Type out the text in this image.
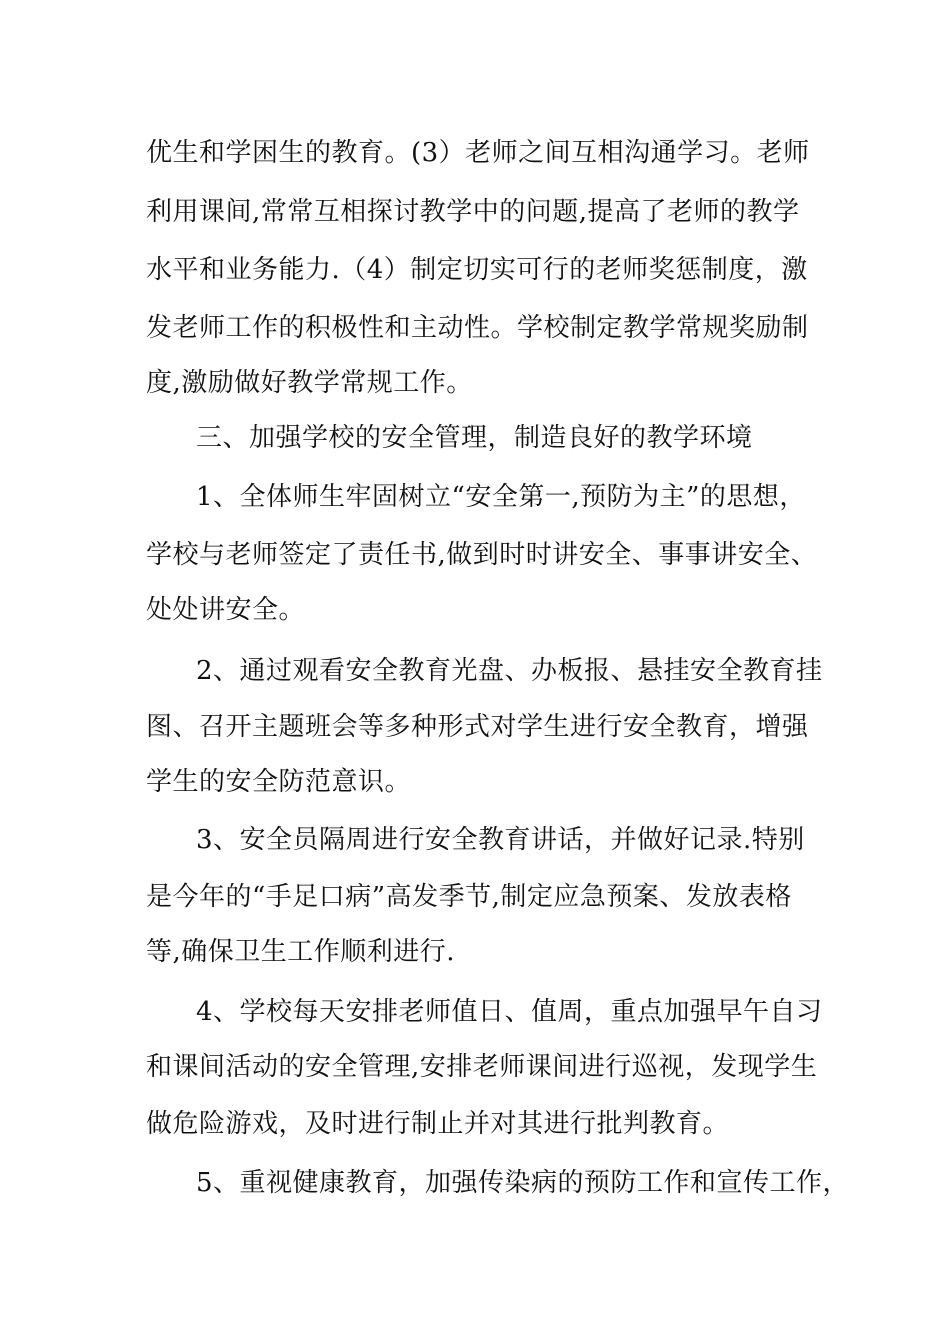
优生和学困生的教育。(3）老师之间互相沟通学习。老师
利用课间,常常互相探讨教学中的问题,提高了老师的教学
水平和业务能力.（4）制定切实可行的老师奖惩制度，激
发老师工作的积极性和主动性。学校制定教学常规奖励制
度,激励做好教学常规工作。
三、加强学校的安全管理，制造良好的教学环境
1、全体师生牢固树立“安全第一,预防为主”的思想，
学校与老师签定了责任书,做到时时讲安全、事事讲安全、
处处讲安全。
2、通过观看安全教育光盘、办板报、悬挂安全教育挂
图、召开主题班会等多种形式对学生进行安全教育，增强
学生的安全防范意识。
3、安全员隔周进行安全教育讲话，并做好记录.特别
是今年的“手足口病”高发季节,制定应急预案、发放表格
等,确保卫生工作顺利进行.
4、学校每天安排老师值日、值周，重点加强早午自习
和课间活动的安全管理,安排老师课间进行巡视，发现学生
做危险游戏，及时进行制止并对其进行批判教育。
5、重视健康教育，加强传染病的预防工作和宣传工作，
